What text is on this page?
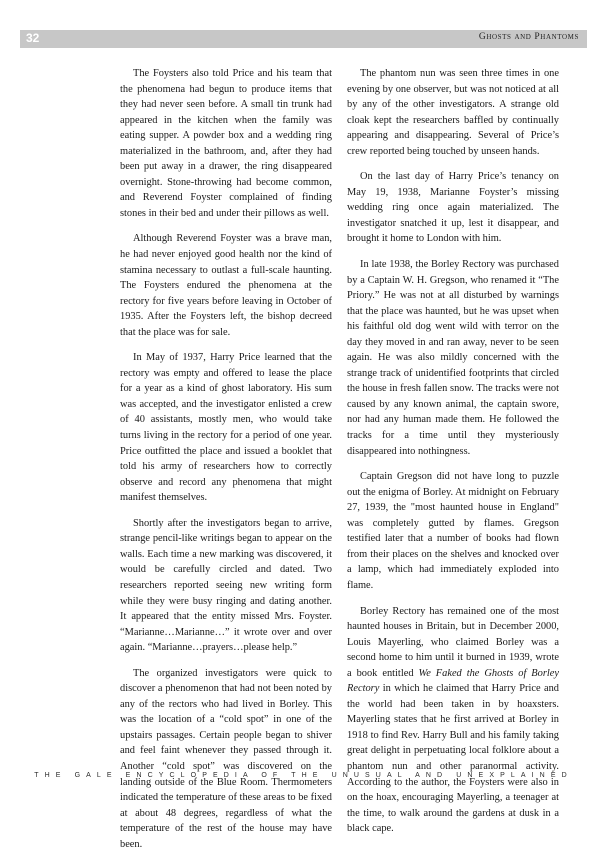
32	Ghosts and Phantoms

The Foysters also told Price and his team that the phenomena had begun to produce items that they had never seen before. A small tin trunk had appeared in the kitchen when the family was eating supper. A powder box and a wedding ring materialized in the bathroom, and, after they had been put away in a drawer, the ring disappeared overnight. Stone-throwing had become common, and Reverend Foyster complained of finding stones in their bed and under their pillows as well.

Although Reverend Foyster was a brave man, he had never enjoyed good health nor the kind of stamina necessary to outlast a full-scale haunting. The Foysters endured the phenomena at the rectory for five years before leaving in October of 1935. After the Foysters left, the bishop decreed that the place was for sale.

In May of 1937, Harry Price learned that the rectory was empty and offered to lease the place for a year as a kind of ghost laboratory. His sum was accepted, and the investigator enlisted a crew of 40 assistants, mostly men, who would take turns living in the rectory for a period of one year. Price outfitted the place and issued a booklet that told his army of researchers how to correctly observe and record any phenomena that might manifest themselves.

Shortly after the investigators began to arrive, strange pencil-like writings began to appear on the walls. Each time a new marking was discovered, it would be carefully circled and dated. Two researchers reported seeing new writing form while they were busy ringing and dating another. It appeared that the entity missed Mrs. Foyster. “Marianne…Marianne…” it wrote over and over again. “Marianne…prayers…please help.”

The organized investigators were quick to discover a phenomenon that had not been noted by any of the rectors who had lived in Borley. This was the location of a “cold spot” in one of the upstairs passages. Certain people began to shiver and feel faint whenever they passed through it. Another “cold spot” was discovered on the landing outside of the Blue Room. Thermometers indicated the temperature of these areas to be fixed at about 48 degrees, regardless of what the temperature of the rest of the house may have been.

The phantom nun was seen three times in one evening by one observer, but was not noticed at all by any of the other investigators. A strange old cloak kept the researchers baffled by continually appearing and disappearing. Several of Price’s crew reported being touched by unseen hands.

On the last day of Harry Price’s tenancy on May 19, 1938, Marianne Foyster’s missing wedding ring once again materialized. The investigator snatched it up, lest it disappear, and brought it home to London with him.

In late 1938, the Borley Rectory was purchased by a Captain W. H. Gregson, who renamed it “The Priory.” He was not at all disturbed by warnings that the place was haunted, but he was upset when his faithful old dog went wild with terror on the day they moved in and ran away, never to be seen again. He was also mildly concerned with the strange track of unidentified footprints that circled the house in fresh fallen snow. The tracks were not caused by any known animal, the captain swore, nor had any human made them. He followed the tracks for a time until they mysteriously disappeared into nothingness.

Captain Gregson did not have long to puzzle out the enigma of Borley. At midnight on February 27, 1939, the "most haunted house in England" was completely gutted by flames. Gregson testified later that a number of books had flown from their places on the shelves and knocked over a lamp, which had immediately exploded into flame.

Borley Rectory has remained one of the most haunted houses in Britain, but in December 2000, Louis Mayerling, who claimed Borley was a second home to him until it burned in 1939, wrote a book entitled We Faked the Ghosts of Borley Rectory in which he claimed that Harry Price and the world had been taken in by hoaxsters. Mayerling states that he first arrived at Borley in 1918 to find Rev. Harry Bull and his family taking great delight in perpetuating local folklore about a phantom nun and other paranormal activity. According to the author, the Foysters were also in on the hoax, encouraging Mayerling, a teenager at the time, to walk around the gardens at dusk in a black cape.

THE GALE ENCYCLOPEDIA OF THE UNUSUAL AND UNEXPLAINED
